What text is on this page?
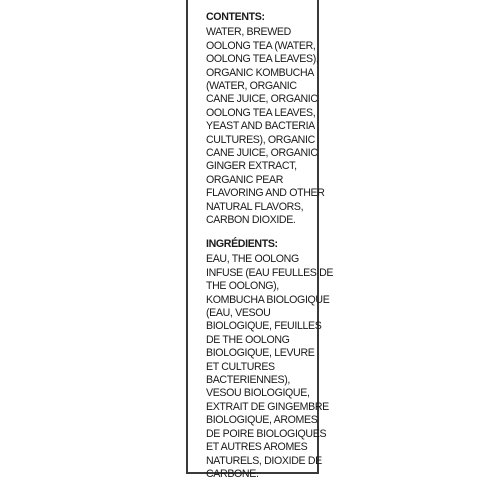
CONTENTS:

WATER, BREWED
OOLONG TEA (WATER,
OOLONG TEA LEAVES),
ORGANIC KOMBUCHA
(WATER, ORGANIC
CANE JUICE, ORGANIC
OOLONG TEA LEAVES,
YEAST AND BACTERIA
CULTURES), ORGANIC
CANE JUICE, ORGANIC
GINGER EXTRACT,
ORGANIC PEAR
FLAVORING AND OTHER
NATURAL FLAVORS,
CARBON DIOXIDE.

INGRÉDIENTS:

EAU, THE OOLONG
INFUSE (EAU FEULLES DE
THE OOLONG),
KOMBUCHA BIOLOGIQUE
(EAU, VESOU
BIOLOGIQUE, FEUILLES
DE THE OOLONG
BIOLOGIQUE, LEVURE
ET CULTURES
BACTERIENNES),
VESOU BIOLOGIQUE,
EXTRAIT DE GINGEMBRE
BIOLOGIQUE, AROMES
DE POIRE BIOLOGIQUES
ET AUTRES AROMES
NATURELS, DIOXIDE DE
CARBONE.
